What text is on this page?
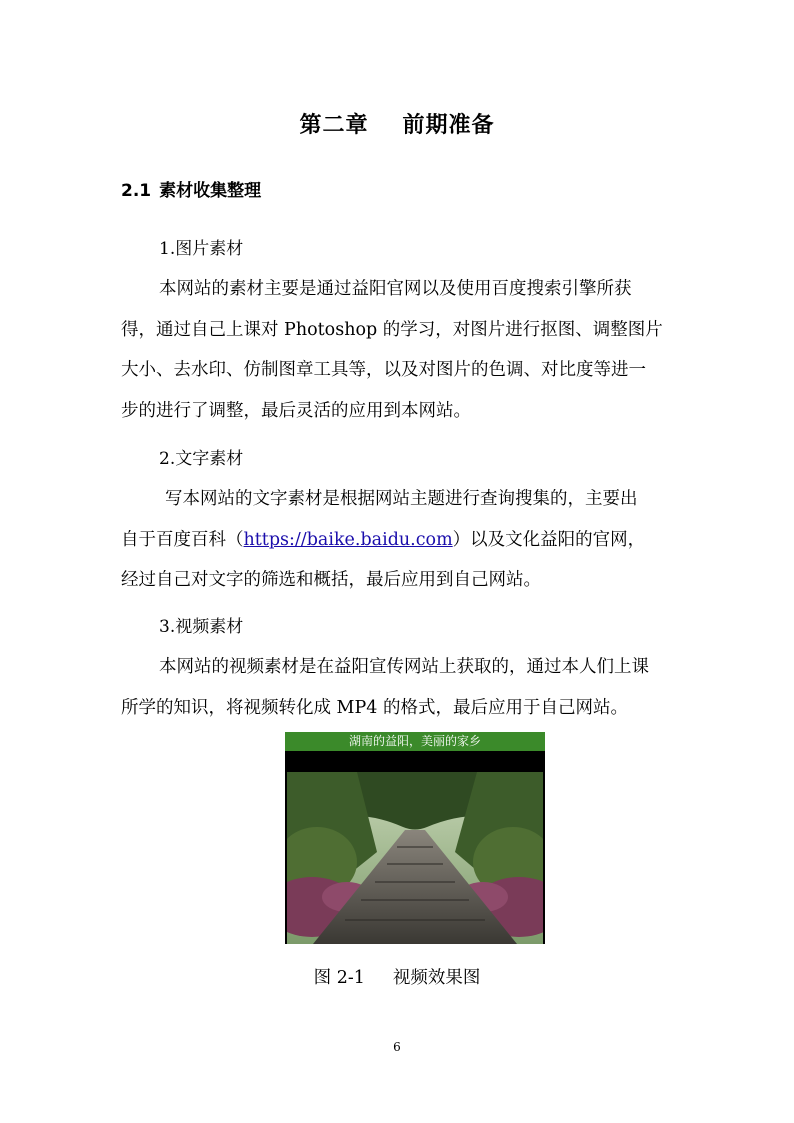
第二章 前期准备
2.1 素材收集整理
1.图片素材
本网站的素材主要是通过益阳官网以及使用百度搜索引擎所获
得，通过自己上课对 Photoshop 的学习，对图片进行抠图、调整图片
大小、去水印、仿制图章工具等，以及对图片的色调、对比度等进一
步的进行了调整，最后灵活的应用到本网站。
2.文字素材
写本网站的文字素材是根据网站主题进行查询搜集的，主要出
自于百度百科（https://baike.baidu.com）以及文化益阳的官网，
经过自己对文字的筛选和概括，最后应用到自己网站。
3.视频素材
本网站的视频素材是在益阳宣传网站上获取的，通过本人们上课
所学的知识，将视频转化成 MP4 的格式，最后应用于自己网站。
湖南的益阳，美丽的家乡
图 2-1 视频效果图
6
